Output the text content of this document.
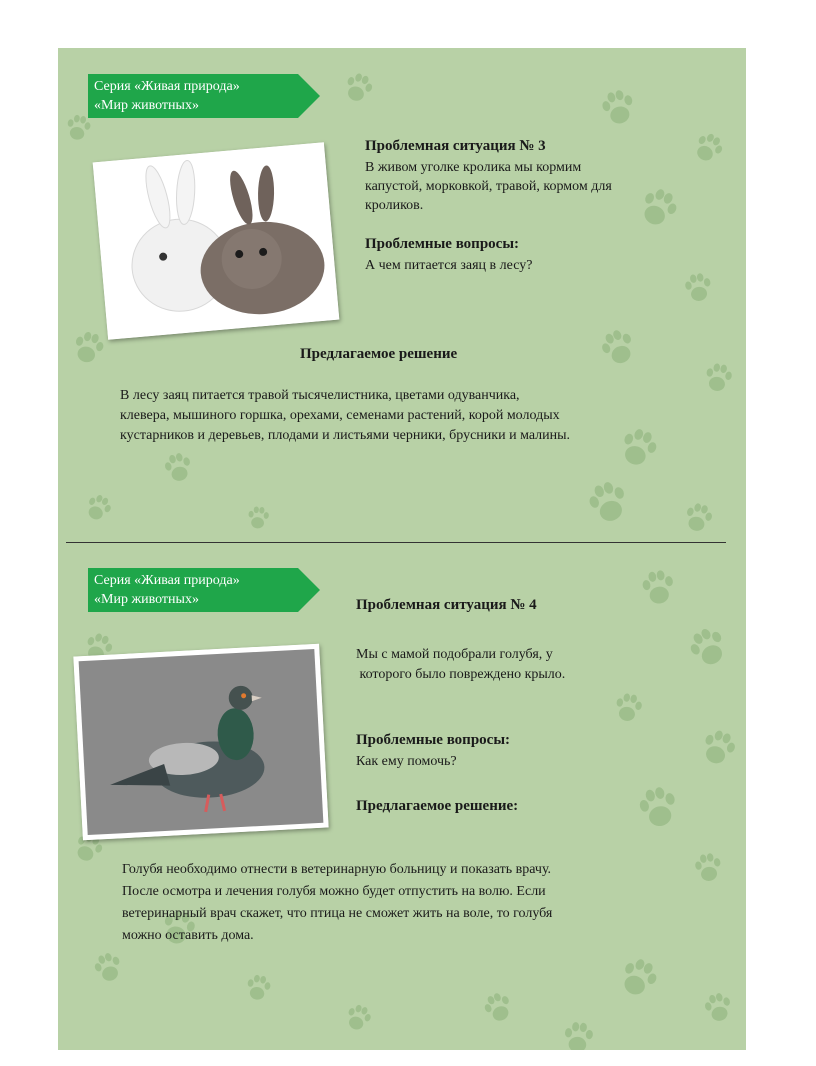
Серия «Живая природа»
«Мир животных»
Проблемная ситуация № 3
В живом уголке кролика мы кормим
капустой, морковкой, травой, кормом для
кроликов.
Проблемные вопросы:
А чем питается заяц в лесу?
Предлагаемое решение
В лесу заяц питается травой тысячелистника, цветами одуванчика,
клевера, мышиного горшка, орехами, семенами растений, корой молодых
кустарников и деревьев, плодами и листьями черники, брусники и малины.
Серия «Живая природа»
«Мир животных»	Проблемная ситуация № 4
Мы с мамой подобрали голубя, у
которого было повреждено крыло.
Проблемные вопросы:
Как ему помочь?
Предлагаемое решение:
Голубя необходимо отнести в ветеринарную больницу и показать врачу.
После осмотра и лечения голубя можно будет отпустить на волю. Если
ветеринарный врач скажет, что птица не сможет жить на воле, то голубя
можно оставить дома.
